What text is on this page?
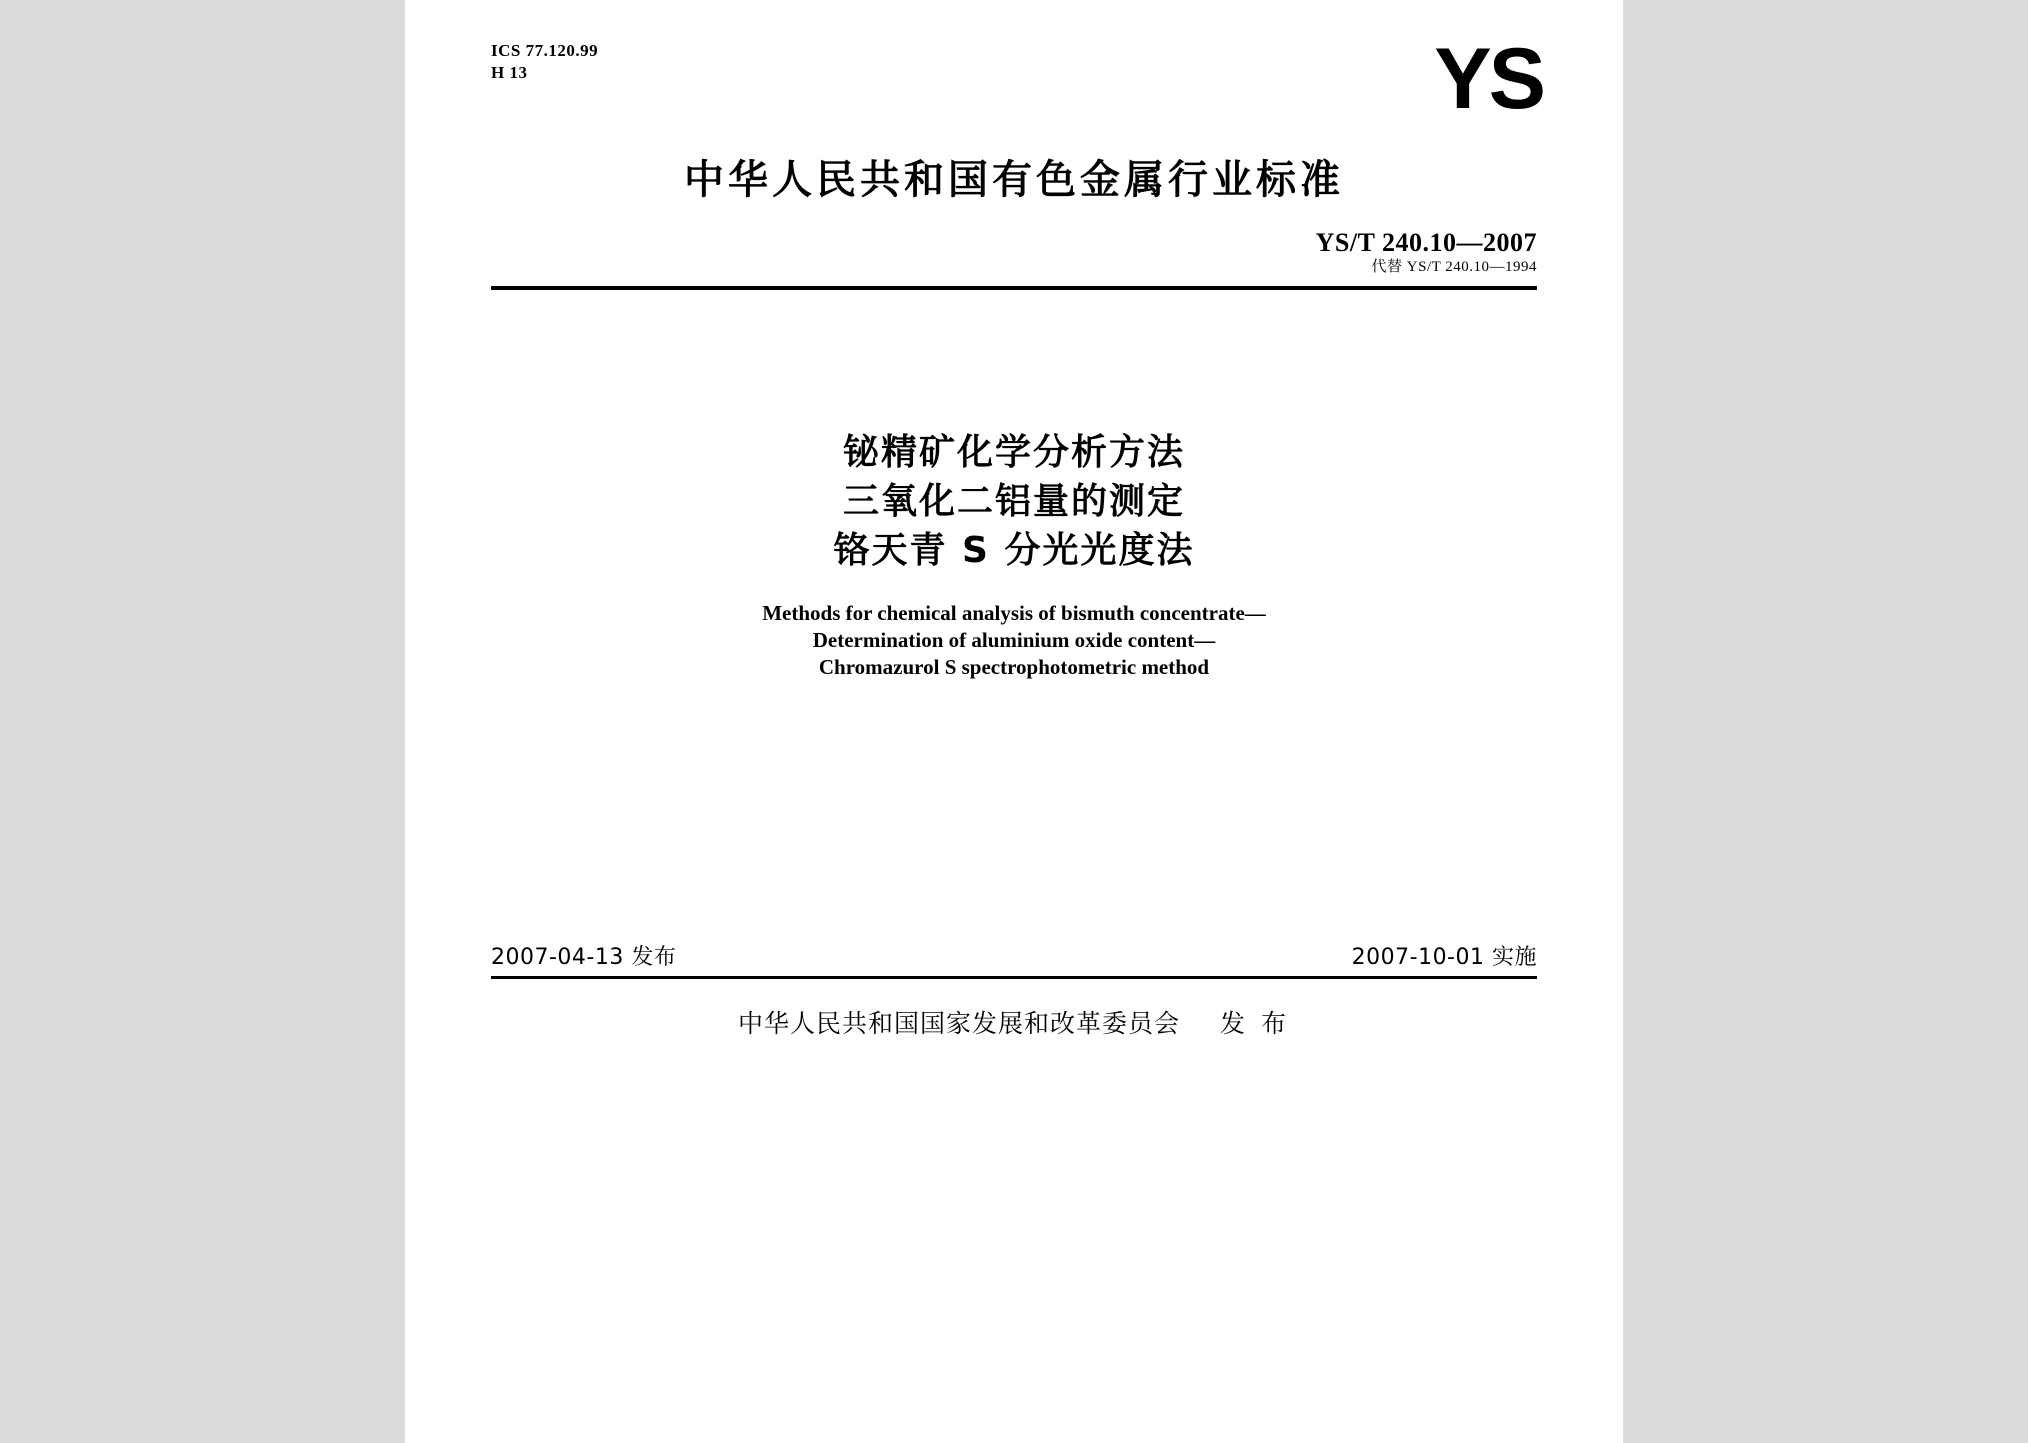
ICS 77.120.99
H 13	YS
中华人民共和国有色金属行业标准
YS/T 240.10—2007
代替 YS/T 240.10—1994
铋精矿化学分析方法
三氧化二铝量的测定
铬天青 S 分光光度法
Methods for chemical analysis of bismuth concentrate—
Determination of aluminium oxide content—
Chromazurol S spectrophotometric method
2007-04-13 发布	2007-10-01 实施
中华人民共和国国家发展和改革委员会 发 布
